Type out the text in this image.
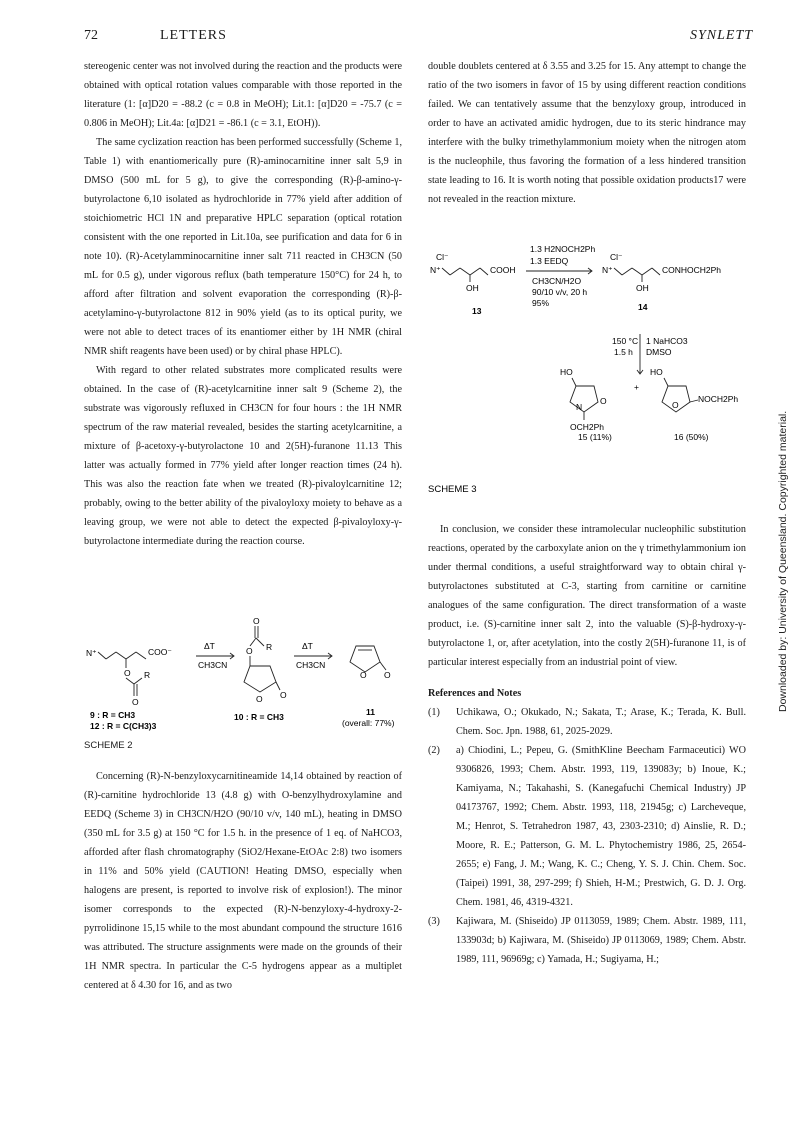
72	LETTERS	SYNLETT

stereogenic center was not involved during the reaction and the products were obtained with optical rotation values comparable with those reported in the literature (1: [α]D20 = -88.2 (c = 0.8 in MeOH); Lit.1: [α]D20 = -75.7 (c = 0.806 in MeOH); Lit.4a: [α]D21 = -86.1 (c = 3.1, EtOH)).

The same cyclization reaction has been performed successfully (Scheme 1, Table 1) with enantiomerically pure (R)-aminocarnitine inner salt 5,9 in DMSO (500 mL for 5 g), to give the corresponding (R)-β-amino-γ-butyrolactone 6,10 isolated as hydrochloride in 77% yield after addition of stoichiometric HCl 1N and preparative HPLC separation (optical rotation consistent with the one reported in Lit.10a, see purification and data for 6 in note 10). (R)-Acetylamminocarnitine inner salt 711 reacted in CH3CN (50 mL for 0.5 g), under vigorous reflux (bath temperature 150°C) for 24 h, to afford after filtration and solvent evaporation the corresponding (R)-β-acetylamino-γ-butyrolactone 812 in 90% yield (as to its optical purity, we were not able to detect traces of its enantiomer either by 1H NMR (chiral NMR shift reagents have been used) or by chiral phase HPLC).

With regard to other related substrates more complicated results were obtained. In the case of (R)-acetylcarnitine inner salt 9 (Scheme 2), the substrate was vigorously refluxed in CH3CN for four hours : the 1H NMR spectrum of the raw material revealed, besides the starting acetylcarnitine, a mixture of β-acetoxy-γ-butyrolactone 10 and 2(5H)-furanone 11.13 This latter was actually formed in 77% yield after longer reaction times (24 h). This was also the reaction fate when we treated (R)-pivaloylcarnitine 12; probably, owing to the better ability of the pivaloyloxy moiety to behave as a leaving group, we were not able to detect the expected β-pivaloyloxy-γ-butyrolactone intermediate during the reaction course.

N⁺	COO⁻
O R
O
ΔT
CH3CN
ΔT
CH3CN
O
O R
O O
O O
9 : R = CH3
12 : R = C(CH3)3
10 : R = CH3	11
(overall: 77%)
SCHEME 2

Concerning (R)-N-benzyloxycarnitineamide 14,14 obtained by reaction of (R)-carnitine hydrochloride 13 (4.8 g) with O-benzylhydroxylamine and EEDQ (Scheme 3) in CH3CN/H2O (90/10 v/v, 140 mL), heating in DMSO (350 mL for 3.5 g) at 150 °C for 1.5 h. in the presence of 1 eq. of NaHCO3, afforded after flash chromatography (SiO2/Hexane-EtOAc 2:8) two isomers in 11% and 50% yield (CAUTION! Heating DMSO, especially when halogens are present, is reported to involve risk of explosion!). The minor isomer corresponds to the expected (R)-N-benzyloxy-4-hydroxy-2-pyrrolidinone 15,15 while to the most abundant compound the structure 1616 was attributed. The structure assignments were made on the grounds of their 1H NMR spectra. In particular the C-5 hydrogens appear as a multiplet centered at δ 4.30 for 16, and as two

double doublets centered at δ 3.55 and 3.25 for 15. Any attempt to change the ratio of the two isomers in favor of 15 by using different reaction conditions failed. We can tentatively assume that the benzyloxy group, introduced in order to have an activated amidic hydrogen, due to its steric hindrance may interfere with the bulky trimethylammonium moiety when the nitrogen atom is the nucleophile, thus favoring the formation of a less hindered transition state leading to 16. It is worth noting that possible oxidation products17 were not revealed in the reaction mixture.

N⁺
Cl⁻
COOH
OH
13
1.3 H2NOCH2Ph
1.3 EEDQ
CH3CN/H2O
90/10 v/v, 20 h
95%
N⁺
Cl⁻
CONHOCH2Ph
OH
14
150 °C
1.5 h
1 NaHCO3
DMSO
HO
N
O
OCH2Ph
15 (11%)
+
HO
O
NOCH2Ph
16 (50%)
SCHEME 3

In conclusion, we consider these intramolecular nucleophilic substitution reactions, operated by the carboxylate anion on the γ trimethylammonium ion under thermal conditions, a useful straightforward way to obtain chiral γ-butyrolactones substituted at C-3, starting from carnitine or carnitine analogues of the same configuration. The direct transformation of a waste product, i.e. (S)-carnitine inner salt 2, into the valuable (S)-β-hydroxy-γ-butyrolactone 1, or, after acetylation, into the costly 2(5H)-furanone 11, is of particular interest especially from an industrial point of view.

References and Notes

(1) Uchikawa, O.; Okukado, N.; Sakata, T.; Arase, K.; Terada, K. Bull. Chem. Soc. Jpn. 1988, 61, 2025-2029.
(2) a) Chiodini, L.; Pepeu, G. (SmithKline Beecham Farmaceutici) WO 9306826, 1993; Chem. Abstr. 1993, 119, 139083y; b) Inoue, K.; Kamiyama, N.; Takahashi, S. (Kanegafuchi Chemical Industry) JP 04173767, 1992; Chem. Abstr. 1993, 118, 21945g; c) Larcheveque, M.; Henrot, S. Tetrahedron 1987, 43, 2303-2310; d) Ainslie, R. D.; Moore, R. E.; Patterson, G. M. L. Phytochemistry 1986, 25, 2654-2655; e) Fang, J. M.; Wang, K. C.; Cheng, Y. S. J. Chin. Chem. Soc. (Taipei) 1991, 38, 297-299; f) Shieh, H-M.; Prestwich, G. D. J. Org. Chem. 1981, 46, 4319-4321.
(3) Kajiwara, M. (Shiseido) JP 0113059, 1989; Chem. Abstr. 1989, 111, 133903d; b) Kajiwara, M. (Shiseido) JP 0113069, 1989; Chem. Abstr. 1989, 111, 96969g; c) Yamada, H.; Sugiyama, H.;
Downloaded by: University of Queensland. Copyrighted material.
